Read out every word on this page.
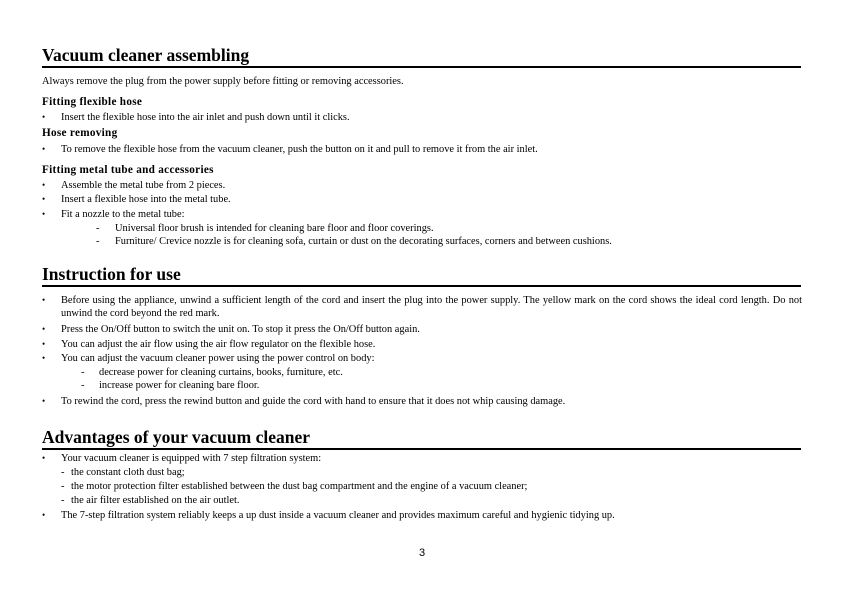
Vacuum cleaner assembling
Always remove the plug from the power supply before fitting or removing accessories.
Fitting flexible hose
• Insert the flexible hose into the air inlet and push down until it clicks.
Hose removing
• To remove the flexible hose from the vacuum cleaner, push the button on it and pull to remove it from the air inlet.
Fitting metal tube and accessories
• Assemble the metal tube from 2 pieces.
• Insert a flexible hose into the metal tube.
• Fit a nozzle to the metal tube:
- Universal floor brush is intended for cleaning bare floor and floor coverings.
- Furniture/ Crevice nozzle is for cleaning sofa, curtain or dust on the decorating surfaces, corners and between cushions.
Instruction for use
• Before using the appliance, unwind a sufficient length of the cord and insert the plug into the power supply. The yellow mark on the cord shows the ideal cord length. Do not unwind the cord beyond the red mark.
• Press the On/Off button to switch the unit on. To stop it press the On/Off button again.
• You can adjust the air flow using the air flow regulator on the flexible hose.
• You can adjust the vacuum cleaner power using the power control on body:
- decrease power for cleaning curtains, books, furniture, etc.
- increase power for cleaning bare floor.
• To rewind the cord, press the rewind button and guide the cord with hand to ensure that it does not whip causing damage.
Advantages of your vacuum cleaner
• Your vacuum cleaner is equipped with 7 step filtration system:
- the constant cloth dust bag;
- the motor protection filter established between the dust bag compartment and the engine of a vacuum cleaner;
- the air filter established on the air outlet.
• The 7-step filtration system reliably keeps a up dust inside a vacuum cleaner and provides maximum careful and hygienic tidying up.
3
